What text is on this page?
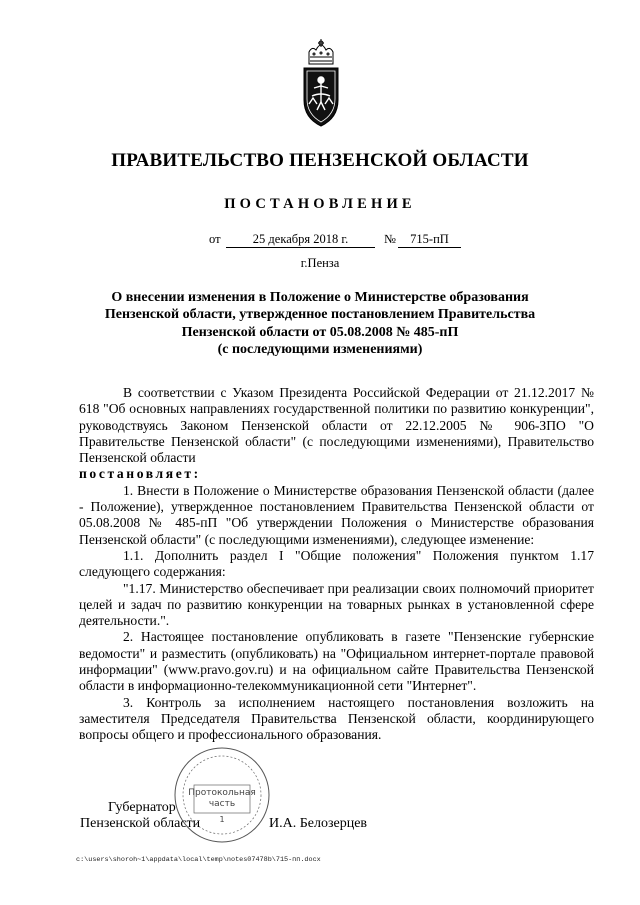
ПРАВИТЕЛЬСТВО ПЕНЗЕНСКОЙ ОБЛАСТИ
ПОСТАНОВЛЕНИЕ
от	25 декабря 2018 г.	№	715-пП
г.Пенза
О внесении изменения в Положение о Министерстве образования
Пензенской области, утвержденное постановлением Правительства
Пензенской области от 05.08.2008 № 485-пП
(с последующими изменениями)

В соответствии с Указом Президента Российской Федерации от 21.12.2017 № 618 "Об основных направлениях государственной политики по развитию конкуренции", руководствуясь Законом Пензенской области от 22.12.2005 № 906-ЗПО "О Правительстве Пензенской области" (с последующими изменениями), Правительство Пензенской области

постановляет:

1. Внести в Положение о Министерстве образования Пензенской области (далее - Положение), утвержденное постановлением Правительства Пензенской области от 05.08.2008 № 485-пП "Об утверждении Положения о Министерстве образования Пензенской области" (с последующими изменениями), следующее изменение:

1.1. Дополнить раздел I "Общие положения" Положения пунктом 1.17 следующего содержания:

"1.17. Министерство обеспечивает при реализации своих полномочий приоритет целей и задач по развитию конкуренции на товарных рынках в установленной сфере деятельности.".

2. Настоящее постановление опубликовать в газете "Пензенские губернские ведомости" и разместить (опубликовать) на "Официальном интернет-портале правовой информации" (www.pravo.gov.ru) и на официальном сайте Правительства Пензенской области в информационно-телекоммуникационной сети "Интернет".

3. Контроль за исполнением настоящего постановления возложить на заместителя Председателя Правительства Пензенской области, координирующего вопросы общего и профессионального образования.

Протокольная
часть
1
Губернатор
Пензенской области	И.А. Белозерцев
c:\users\shoroh~1\appdata\local\temp\notes07478b\715-пп.docx
